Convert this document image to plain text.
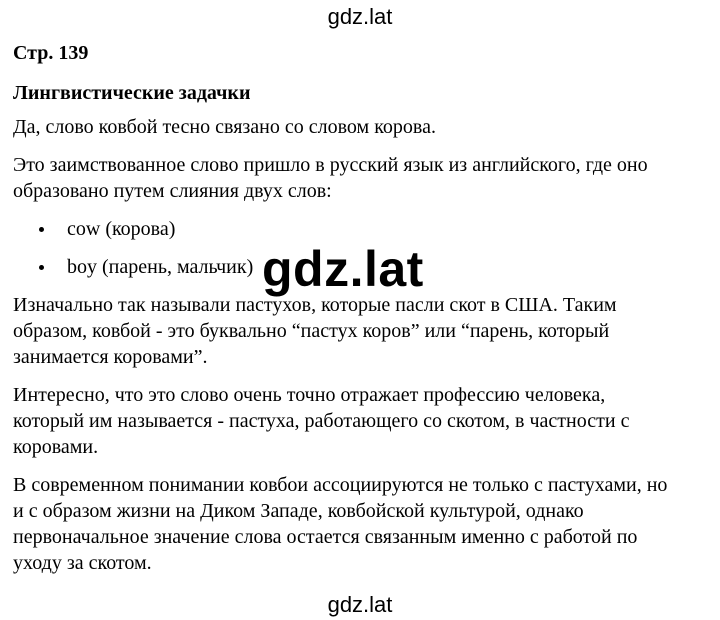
gdz.lat
Стр. 139
Лингвистические задачки

Да, слово ковбой тесно связано со словом корова.

Это заимствованное слово пришло в русский язык из английского, где оно
образовано путем слияния двух слов:

cow (корова)
boy (парень, мальчик)

Изначально так называли пастухов, которые пасли скот в США. Таким
образом, ковбой - это буквально “пастух коров” или “парень, который
занимается коровами”.

Интересно, что это слово очень точно отражает профессию человека,
который им называется - пастуха, работающего со скотом, в частности с
коровами.

В современном понимании ковбои ассоциируются не только с пастухами, но
и с образом жизни на Диком Западе, ковбойской культурой, однако
первоначальное значение слова остается связанным именно с работой по
уходу за скотом.

gdz.lat
gdz.lat
